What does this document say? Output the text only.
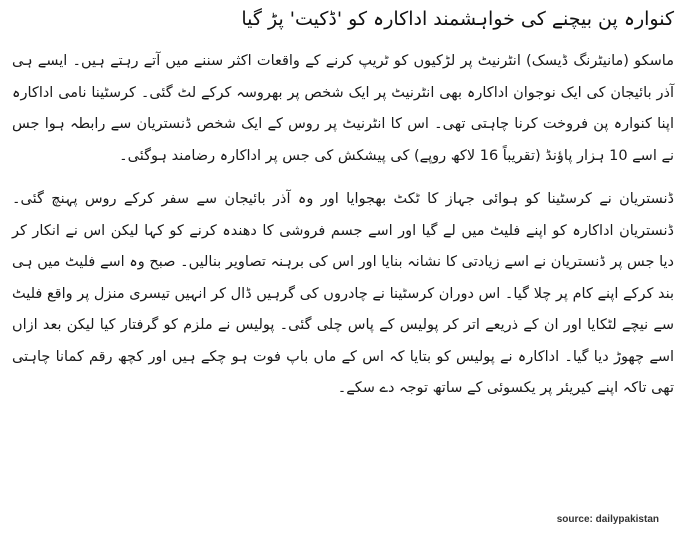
کنوارہ پن بیچنے کی خواہشمند اداکارہ کو 'ڈکیت' پڑ گیا

ماسکو (مانیٹرنگ ڈیسک) انٹرنیٹ پر لڑکیوں کو ٹریپ کرنے کے واقعات اکثر سننے میں آتے رہتے ہیں۔ ایسے ہی آذر بائیجان کی ایک نوجوان اداکارہ بھی انٹرنیٹ پر ایک شخص پر بھروسہ کرکے لٹ گئی۔ کرسٹینا نامی اداکارہ اپنا کنوارہ پن فروخت کرنا چاہتی تھی۔ اس کا انٹرنیٹ پر روس کے ایک شخص ڈنستریان سے رابطہ ہوا جس نے اسے 10 ہزار پاؤنڈ (تقریباً 16 لاکھ روپے) کی پیشکش کی جس پر اداکارہ رضامند ہوگئی۔

ڈنستریان نے کرسٹینا کو ہوائی جہاز کا ٹکٹ بھجوایا اور وہ آذر بائیجان سے سفر کرکے روس پہنچ گئی۔ ڈنستریان اداکارہ کو اپنے فلیٹ میں لے گیا اور اسے جسم فروشی کا دھندہ کرنے کو کہا لیکن اس نے انکار کر دیا جس پر ڈنستریان نے اسے زیادتی کا نشانہ بنایا اور اس کی برہنہ تصاویر بنالیں۔ صبح وہ اسے فلیٹ میں ہی بند کرکے اپنے کام پر چلا گیا۔ اس دوران کرسٹینا نے چادروں کی گرہیں ڈال کر انہیں تیسری منزل پر واقع فلیٹ سے نیچے لٹکایا اور ان کے ذریعے اتر کر پولیس کے پاس چلی گئی۔ پولیس نے ملزم کو گرفتار کیا لیکن بعد ازاں اسے چھوڑ دیا گیا۔ اداکارہ نے پولیس کو بتایا کہ اس کے ماں باپ فوت ہو چکے ہیں اور کچھ رقم کمانا چاہتی تھی تاکہ اپنے کیریئر پر یکسوئی کے ساتھ توجہ دے سکے۔

source: dailypakistan
